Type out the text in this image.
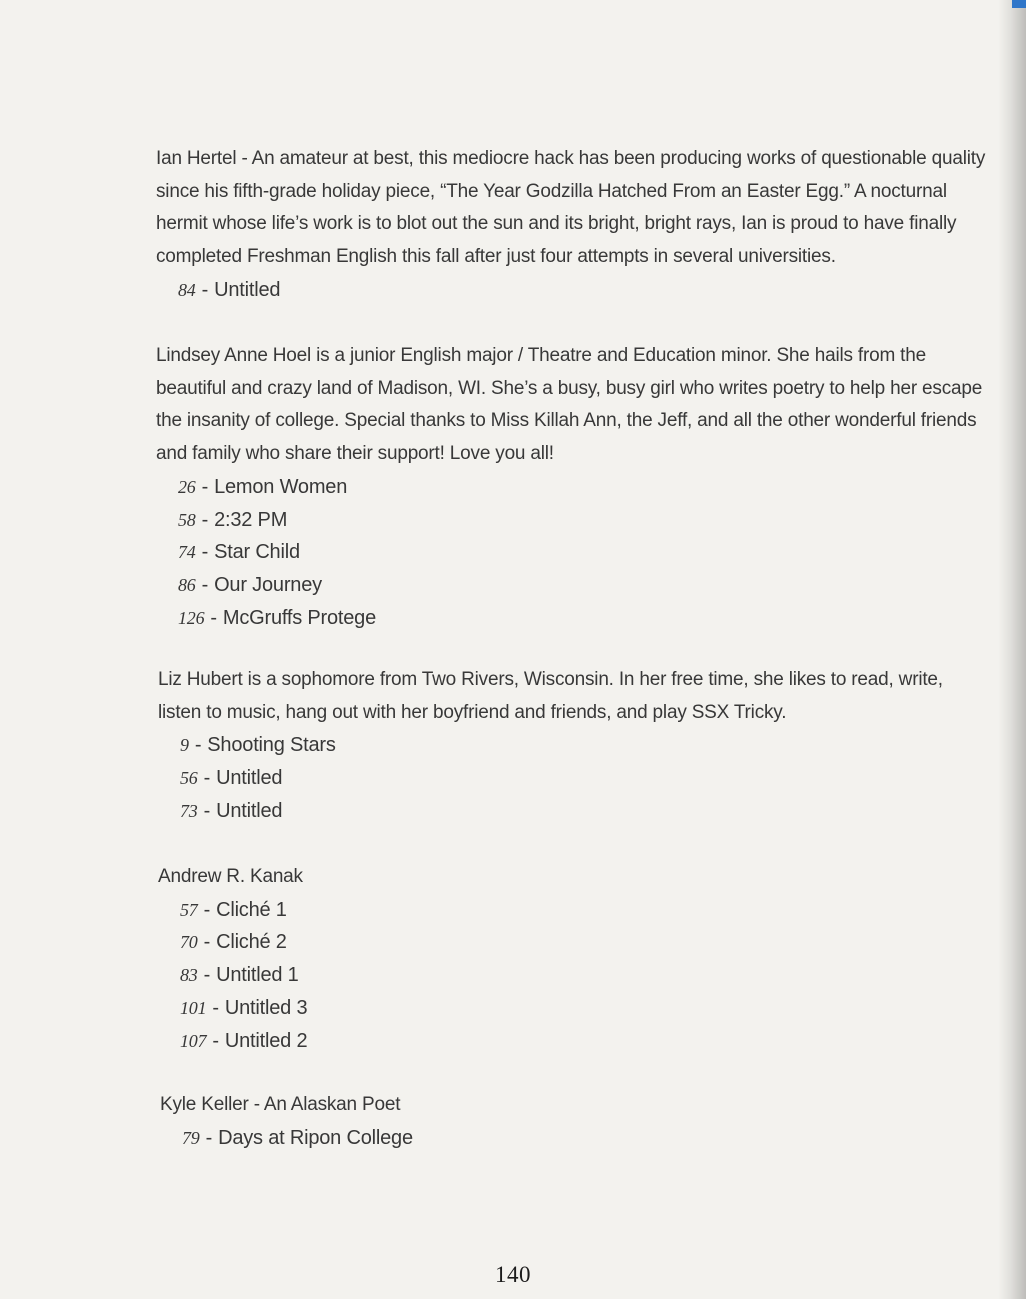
Ian Hertel - An amateur at best, this mediocre hack has been producing works of questionable quality since his fifth-grade holiday piece, “The Year Godzilla Hatched From an Easter Egg.” A nocturnal hermit whose life’s work is to blot out the sun and its bright, bright rays, Ian is proud to have finally completed Freshman English this fall after just four attempts in several universities.

84 - Untitled

Lindsey Anne Hoel is a junior English major / Theatre and Education minor. She hails from the beautiful and crazy land of Madison, WI. She’s a busy, busy girl who writes poetry to help her escape the insanity of college. Special thanks to Miss Killah Ann, the Jeff, and all the other wonderful friends and family who share their support! Love you all!

26 - Lemon Women
58 - 2:32 PM
74 - Star Child
86 - Our Journey
126 - McGruffs Protege

Liz Hubert is a sophomore from Two Rivers, Wisconsin. In her free time, she likes to read, write, listen to music, hang out with her boyfriend and friends, and play SSX Tricky.

9 - Shooting Stars
56 - Untitled
73 - Untitled

Andrew R. Kanak

57 - Cliché 1
70 - Cliché 2
83 - Untitled 1
101 - Untitled 3
107 - Untitled 2

Kyle Keller - An Alaskan Poet

79 - Days at Ripon College
140
